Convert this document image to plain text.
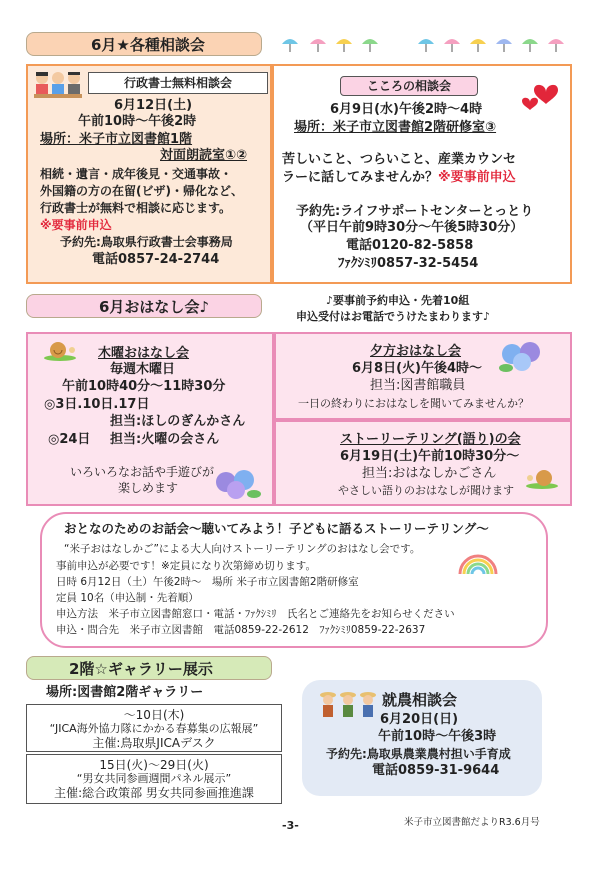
6月★各種相談会
行政書士無料相談会
6月12日(土)
午前10時～午後2時
場所：米子市立図書館1階
対面朗読室①②
相続・遺言・成年後見・交通事故・
外国籍の方の在留(ビザ)・帰化など、
行政書士が無料で相談に応じます。
※要事前申込
予約先:鳥取県行政書士会事務局
電話0857-24-2744
こころの相談会
6月9日(水)午後2時～4時
場所：米子市立図書館2階研修室③
苦しいこと、つらいこと、産業カウンセ
ラーに話してみませんか？※要事前申込
予約先:ライフサポートセンターとっとり
（平日午前9時30分～午後5時30分）
電話0120-82-5858
ﾌｧｸｼﾐﾘ0857-32-5454
6月おはなし会♪	♪要事前予約申込・先着10組
申込受付はお電話でうけたまわります♪
木曜おはなし会
毎週木曜日
午前10時40分～11時30分
◎3日.10日.17日
担当:ほしのぎんかさん
◎24日 担当:火曜の会さん
いろいろなお話や手遊びが
楽しめます
夕方おはなし会
6月8日(火)午後4時～
担当:図書館職員
一日の終わりにおはなしを聞いてみませんか？
ストーリーテリング(語り)の会
6月19日(土)午前10時30分～
担当:おはなしかごさん
やさしい語りのおはなしが聞けます
おとなのためのお話会～聴いてみよう！子どもに語るストーリーテリング～
“米子おはなしかご”による大人向けストーリーテリングのおはなし会です。
事前申込が必要です！※定員になり次第締め切ります。
日時 6月12日（土）午後2時～　場所 米子市立図書館2階研修室
定員 10名（申込制・先着順）
申込方法　米子市立図書館窓口・電話・ﾌｧｸｼﾐﾘ　氏名とご連絡先をお知らせください
申込・問合先　米子市立図書館　電話0859-22-2612　ﾌｧｸｼﾐﾘ0859-22-2637
2階☆ギャラリー展示
場所:図書館2階ギャラリー
～10日(木)
“JICA海外協力隊にかかる春募集の広報展”
主催:鳥取県JICAデスク
15日(火)～29日(火)
“男女共同参画週間パネル展示”
主催:総合政策部 男女共同参画推進課
就農相談会
6月20日(日)
午前10時～午後3時
予約先:鳥取県農業農村担い手育成
電話0859-31-9644
-3-	米子市立図書館だよりR3.6月号
